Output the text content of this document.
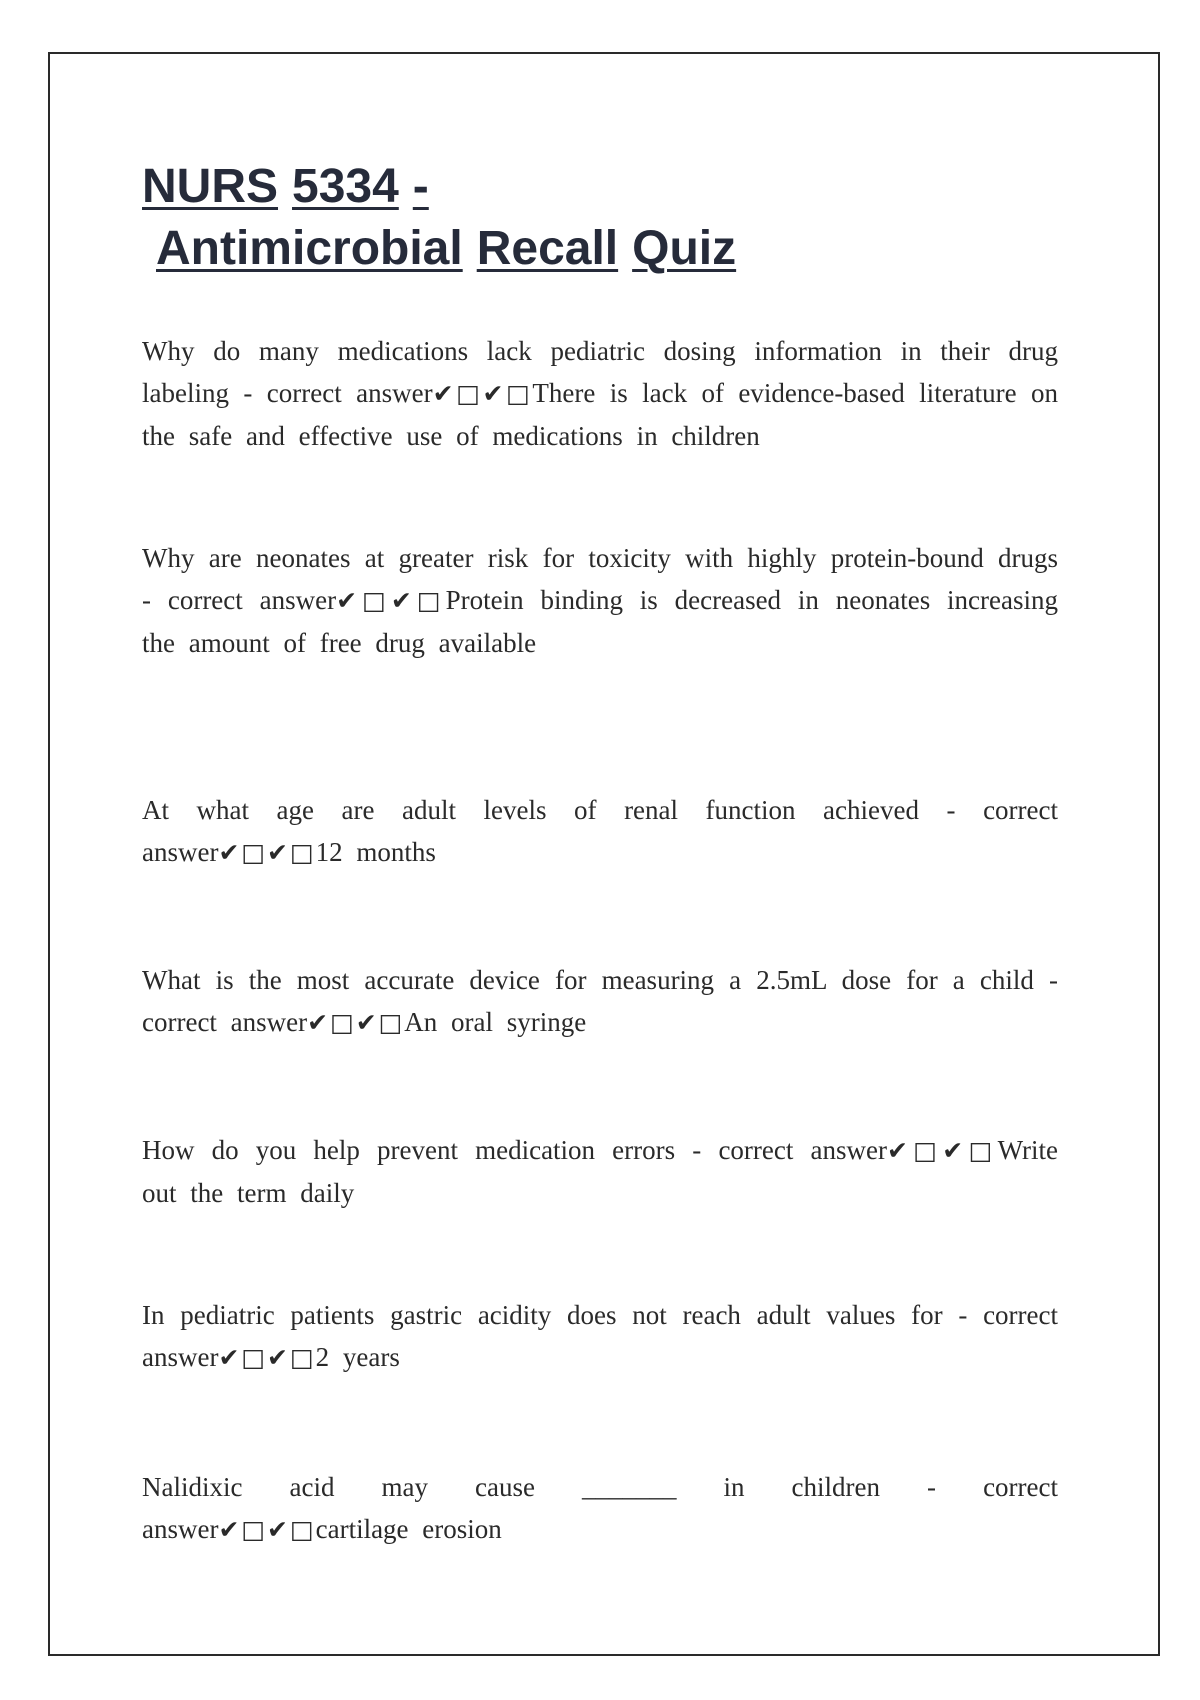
NURS 5334 -
Antimicrobial Recall Quiz
Why do many medications lack pediatric dosing information in their drug labeling - correct answer✔□✔□There is lack of evidence-based literature on the safe and effective use of medications in children
Why are neonates at greater risk for toxicity with highly protein-bound drugs - correct answer✔□✔□Protein binding is decreased in neonates increasing the amount of free drug available
At what age are adult levels of renal function achieved - correct answer✔□✔□12 months
What is the most accurate device for measuring a 2.5mL dose for a child - correct answer✔□✔□An oral syringe
How do you help prevent medication errors - correct answer✔□✔□Write out the term daily
In pediatric patients gastric acidity does not reach adult values for - correct answer✔□✔□2 years
Nalidixic acid may cause _______ in children - correct answer✔□✔□cartilage erosion
